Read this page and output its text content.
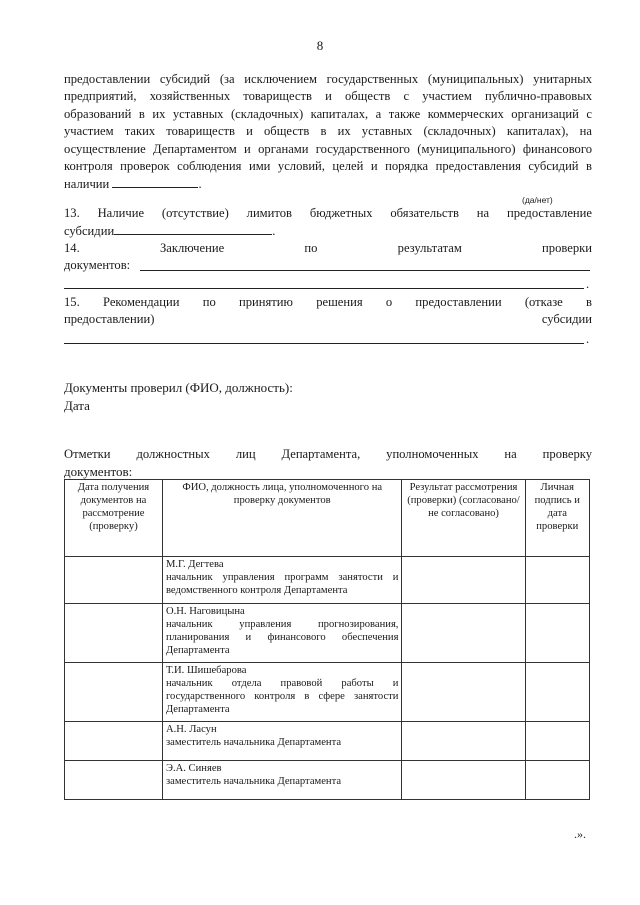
8
предоставлении субсидий (за исключением государственных (муниципальных) унитарных предприятий, хозяйственных товариществ и обществ с участием публично-правовых образований в их уставных (складочных) капиталах, а также коммерческих организаций с участием таких товариществ и обществ в их уставных (складочных) капиталах), на осуществление Департаментом и органами государственного (муниципального) финансового контроля проверок соблюдения ими условий, целей и порядка предоставления субсидий в наличии	.
(да/нет)
13. Наличие (отсутствие) лимитов бюджетных обязательств на предоставление
субсидии	.
14.	Заключение	по	результатам	проверки
документов:
.
15. Рекомендации по принятию решения о предоставлении (отказе в
предоставлении)	субсидии
.
Документы проверил (ФИО, должность):
Дата
Отметки должностных лиц Департамента, уполномоченных на проверку
документов:
Дата получения документов на рассмотрение (проверку)	ФИО, должность лица, уполномоченного на проверку документов	Результат рассмотрения (проверки) (согласовано/не согласовано)	Личная подпись и дата проверки

	М.Г. Дегтева
начальник управления программ занятости и ведомственного контроля Департамента		

	О.Н. Наговицына
начальник управления прогнозирования, планирования и финансового обеспечения Департамента		

	Т.И. Шишебарова
начальник отдела правовой работы и государственного контроля в сфере занятости Департамента		

	А.Н. Ласун
заместитель начальника Департамента		

	Э.А. Синяев
заместитель начальника Департамента		

.».
